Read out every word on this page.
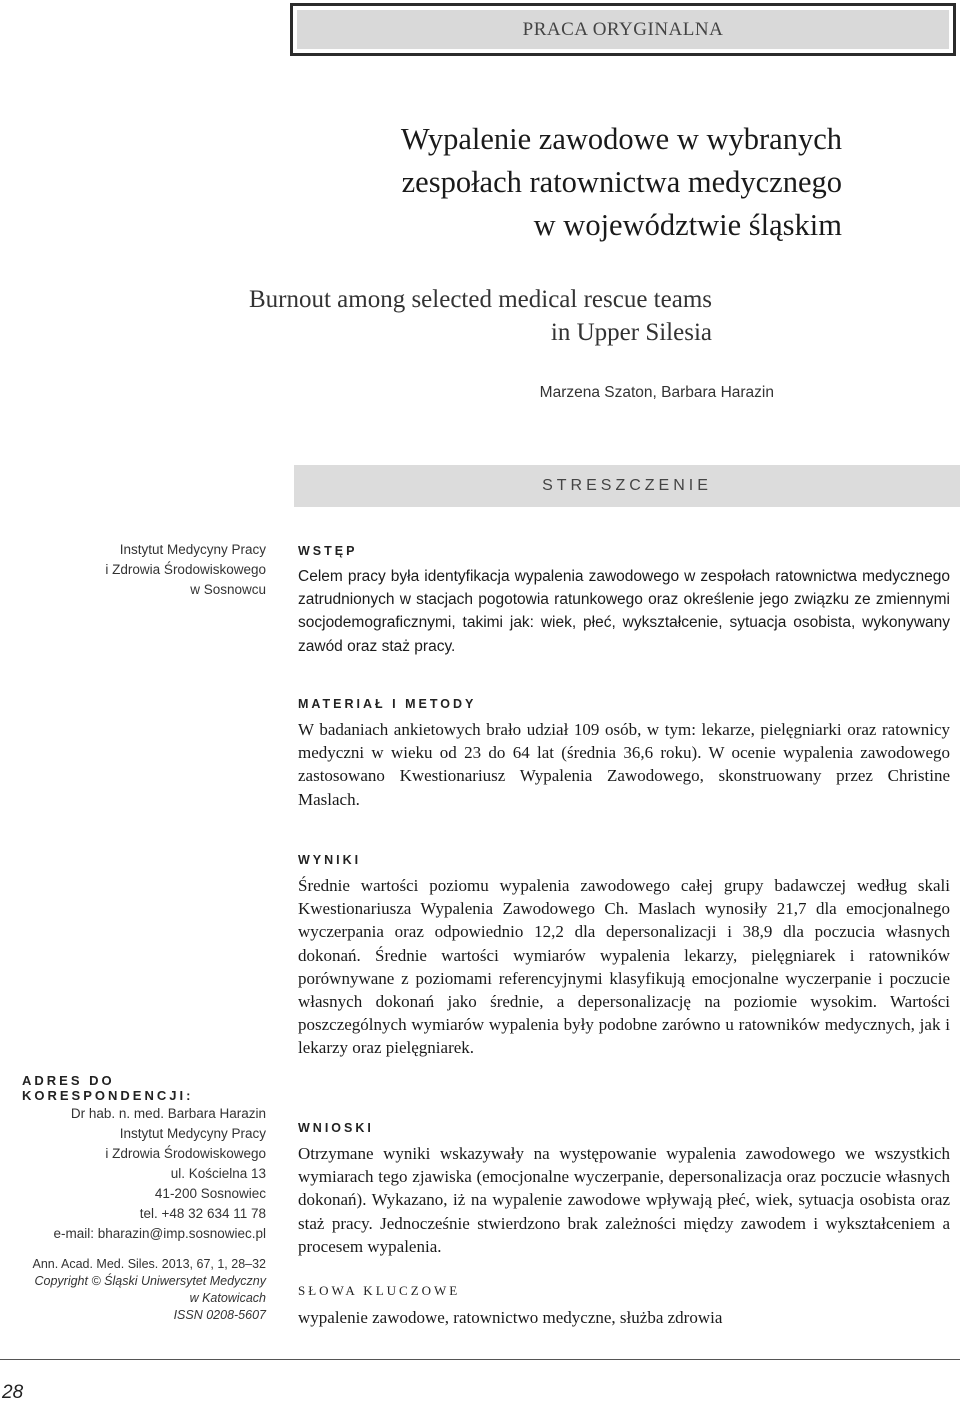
PRACA ORYGINALNA
Wypalenie zawodowe w wybranych
zespołach ratownictwa medycznego
w województwie śląskim
Burnout among selected medical rescue teams
in Upper Silesia
Marzena Szaton, Barbara Harazin
STRESZCZENIE
Instytut Medycyny Pracy
i Zdrowia Środowiskowego
w Sosnowcu
WSTĘP
Celem pracy była identyfikacja wypalenia zawodowego w zespołach ratownictwa medycznego zatrudnionych w stacjach pogotowia ratunkowego oraz określenie jego związku ze zmiennymi socjodemograficznymi, takimi jak: wiek, płeć, wykształcenie, sytuacja osobista, wykonywany zawód oraz staż pracy.
MATERIAŁ I METODY
W badaniach ankietowych brało udział 109 osób, w tym: lekarze, pielęgniarki oraz ratownicy medyczni w wieku od 23 do 64 lat (średnia 36,6 roku). W ocenie wypalenia zawodowego zastosowano Kwestionariusz Wypalenia Zawodowego, skonstruowany przez Christine Maslach.
WYNIKI
Średnie wartości poziomu wypalenia zawodowego całej grupy badawczej według skali Kwestionariusza Wypalenia Zawodowego Ch. Maslach wynosiły 21,7 dla emocjonalnego wyczerpania oraz odpowiednio 12,2 dla depersonalizacji i 38,9 dla poczucia własnych dokonań. Średnie wartości wymiarów wypalenia lekarzy, pielęgniarek i ratowników porównywane z poziomami referencyjnymi klasyfikują emocjonalne wyczerpanie i poczucie własnych dokonań jako średnie, a depersonalizację na poziomie wysokim. Wartości poszczególnych wymiarów wypalenia były podobne zarówno u ratowników medycznych, jak i lekarzy oraz pielęgniarek.
WNIOSKI
Otrzymane wyniki wskazywały na występowanie wypalenia zawodowego we wszystkich wymiarach tego zjawiska (emocjonalne wyczerpanie, depersonalizacja oraz poczucie własnych dokonań). Wykazano, iż na wypalenie zawodowe wpływają płeć, wiek, sytuacja osobista oraz staż pracy. Jednocześnie stwierdzono brak zależności między zawodem i wykształceniem a procesem wypalenia.
SŁOWA KLUCZOWE
wypalenie zawodowe, ratownictwo medyczne, służba zdrowia
ADRES DO KORESPONDENCJI:
Dr hab. n. med. Barbara Harazin
Instytut Medycyny Pracy
i Zdrowia Środowiskowego
ul. Kościelna 13
41-200 Sosnowiec
tel. +48 32 634 11 78
e-mail: bharazin@imp.sosnowiec.pl
Ann. Acad. Med. Siles. 2013, 67, 1, 28–32
Copyright © Śląski Uniwersytet Medyczny
w Katowicach
ISSN 0208-5607
28
